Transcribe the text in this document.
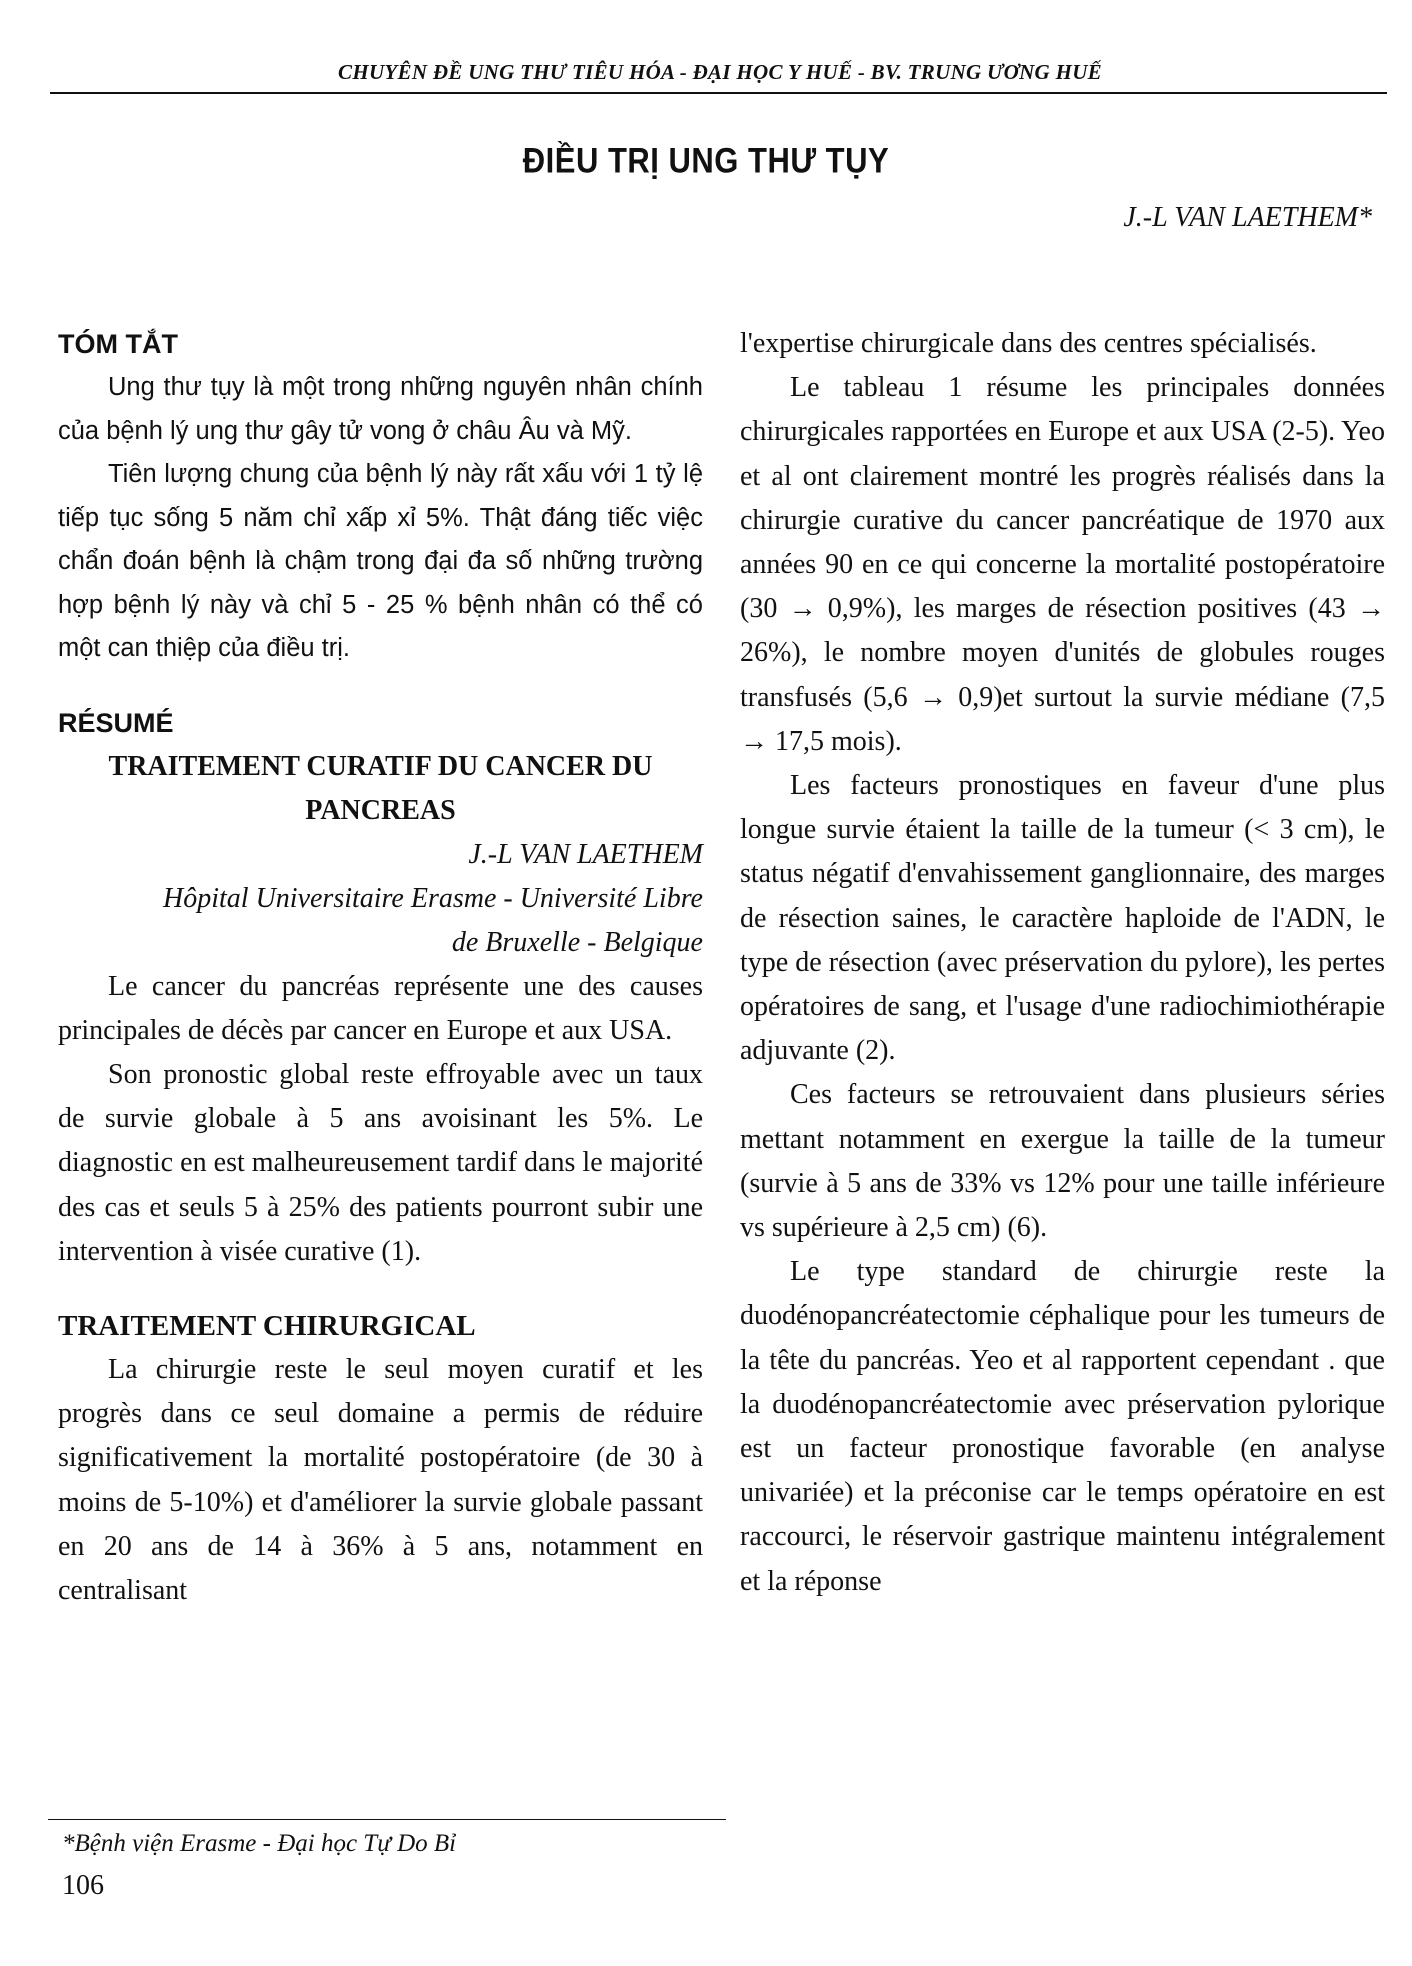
CHUYÊN ĐỀ UNG THƯ TIÊU HÓA - ĐẠI HỌC Y HUẾ - BV. TRUNG ƯƠNG HUẾ
ĐIỀU TRỊ UNG THƯ TỤY
J.-L VAN LAETHEM*

TÓM TẮT

Ung thư tụy là một trong những nguyên nhân chính của bệnh lý ung thư gây tử vong ở châu Âu và Mỹ.

Tiên lượng chung của bệnh lý này rất xấu với 1 tỷ lệ tiếp tục sống 5 năm chỉ xấp xỉ 5%. Thật đáng tiếc việc chẩn đoán bệnh là chậm trong đại đa số những trường hợp bệnh lý này và chỉ 5 - 25 % bệnh nhân có thể có một can thiệp của điều trị.

RÉSUMÉ

TRAITEMENT CURATIF DU CANCER DU

PANCREAS

J.-L VAN LAETHEM

Hôpital Universitaire Erasme - Université Libre

de Bruxelle - Belgique

Le cancer du pancréas représente une des causes principales de décès par cancer en Europe et aux USA.

Son pronostic global reste effroyable avec un taux de survie globale à 5 ans avoisinant les 5%. Le diagnostic en est malheureusement tardif dans le majorité des cas et seuls 5 à 25% des patients pourront subir une intervention à visée curative (1).

TRAITEMENT CHIRURGICAL

La chirurgie reste le seul moyen curatif et les progrès dans ce seul domaine a permis de réduire significativement la mortalité postopératoire (de 30 à moins de 5-10%) et d'améliorer la survie globale passant en 20 ans de 14 à 36% à 5 ans, notamment en centralisant

l'expertise chirurgicale dans des centres spécialisés.

Le tableau 1 résume les principales données chirurgicales rapportées en Europe et aux USA (2-5). Yeo et al ont clairement montré les progrès réalisés dans la chirurgie curative du cancer pancréatique de 1970 aux années 90 en ce qui concerne la mortalité postopératoire (30 → 0,9%), les marges de résection positives (43 → 26%), le nombre moyen d'unités de globules rouges transfusés (5,6 → 0,9)et surtout la survie médiane (7,5 → 17,5 mois).

Les facteurs pronostiques en faveur d'une plus longue survie étaient la taille de la tumeur (< 3 cm), le status négatif d'envahissement ganglionnaire, des marges de résection saines, le caractère haploide de l'ADN, le type de résection (avec préservation du pylore), les pertes opératoires de sang, et l'usage d'une radiochimiothérapie adjuvante (2).

Ces facteurs se retrouvaient dans plusieurs séries mettant notamment en exergue la taille de la tumeur (survie à 5 ans de 33% vs 12% pour une taille inférieure vs supérieure à 2,5 cm) (6).

Le type standard de chirurgie reste la duodénopancréatectomie céphalique pour les tumeurs de la tête du pancréas. Yeo et al rapportent cependant . que la duodénopancréatectomie avec préservation pylorique est un facteur pronostique favorable (en analyse univariée) et la préconise car le temps opératoire en est raccourci, le réservoir gastrique maintenu intégralement et la réponse

*Bệnh viện Erasme - Đại học Tự Do Bỉ
106
